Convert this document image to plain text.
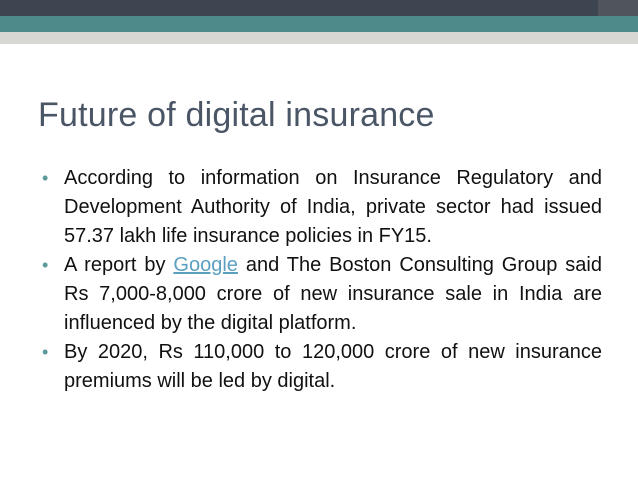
Future of digital insurance
• According to information on Insurance Regulatory and Development Authority of India, private sector had issued 57.37 lakh life insurance policies in FY15.
• A report by Google and The Boston Consulting Group said Rs 7,000-8,000 crore of new insurance sale in India are influenced by the digital platform.
• By 2020, Rs 110,000 to 120,000 crore of new insurance premiums will be led by digital.
